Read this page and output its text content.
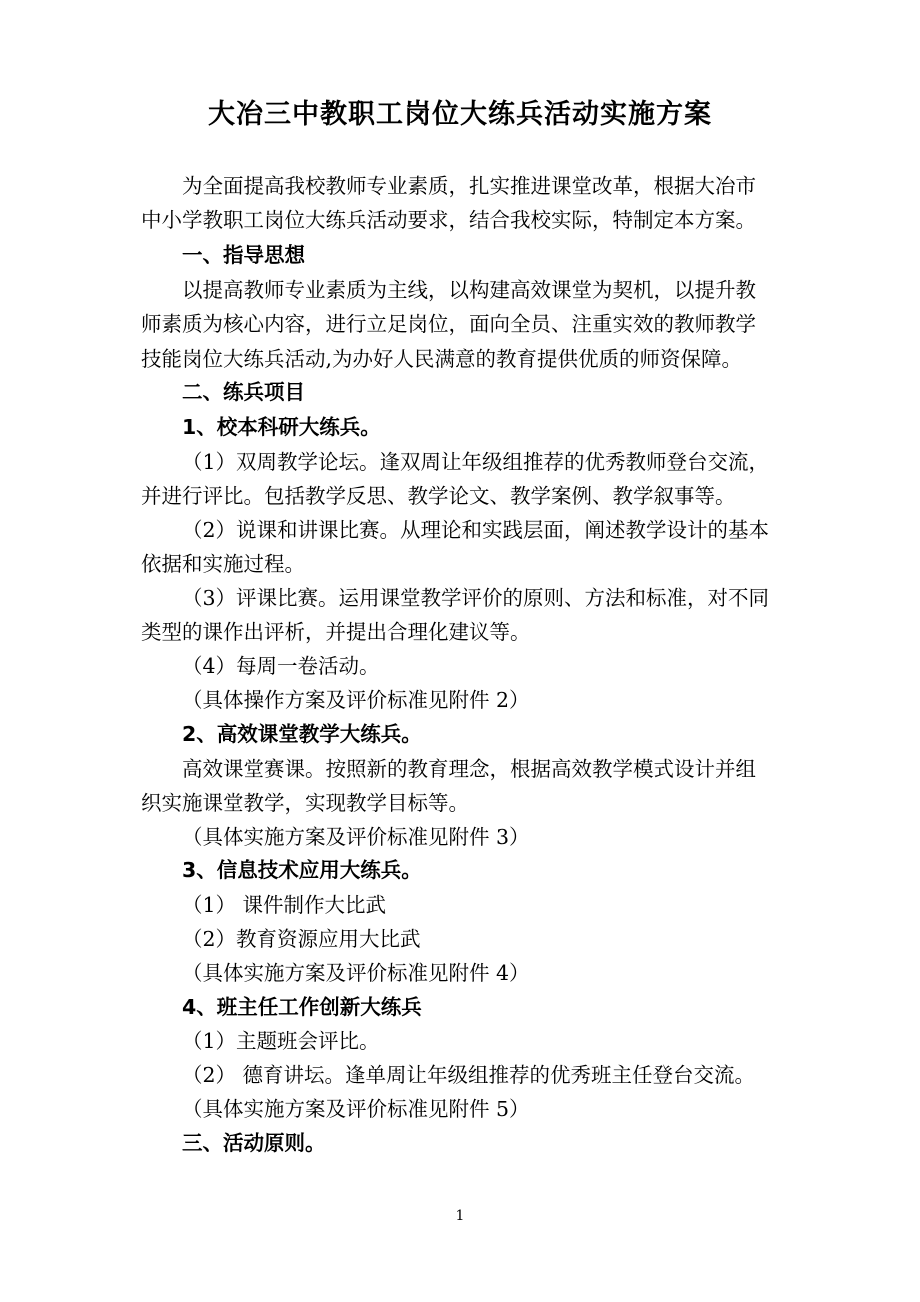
大冶三中教职工岗位大练兵活动实施方案
为全面提高我校教师专业素质，扎实推进课堂改革，根据大冶市
中小学教职工岗位大练兵活动要求，结合我校实际，特制定本方案。
一、指导思想
以提高教师专业素质为主线，以构建高效课堂为契机，以提升教
师素质为核心内容，进行立足岗位，面向全员、注重实效的教师教学
技能岗位大练兵活动,为办好人民满意的教育提供优质的师资保障。
二、练兵项目
1、校本科研大练兵。
（1）双周教学论坛。逢双周让年级组推荐的优秀教师登台交流，
并进行评比。包括教学反思、教学论文、教学案例、教学叙事等。
（2）说课和讲课比赛。从理论和实践层面，阐述教学设计的基本
依据和实施过程。
（3）评课比赛。运用课堂教学评价的原则、方法和标准，对不同
类型的课作出评析，并提出合理化建议等。
（4）每周一卷活动。
（具体操作方案及评价标准见附件 2）
2、高效课堂教学大练兵。
高效课堂赛课。按照新的教育理念，根据高效教学模式设计并组
织实施课堂教学，实现教学目标等。
（具体实施方案及评价标准见附件 3）
3、信息技术应用大练兵。
（1） 课件制作大比武
（2）教育资源应用大比武
（具体实施方案及评价标准见附件 4）
4、班主任工作创新大练兵
（1）主题班会评比。
（2） 德育讲坛。逢单周让年级组推荐的优秀班主任登台交流。
（具体实施方案及评价标准见附件 5）
三、活动原则。
1
